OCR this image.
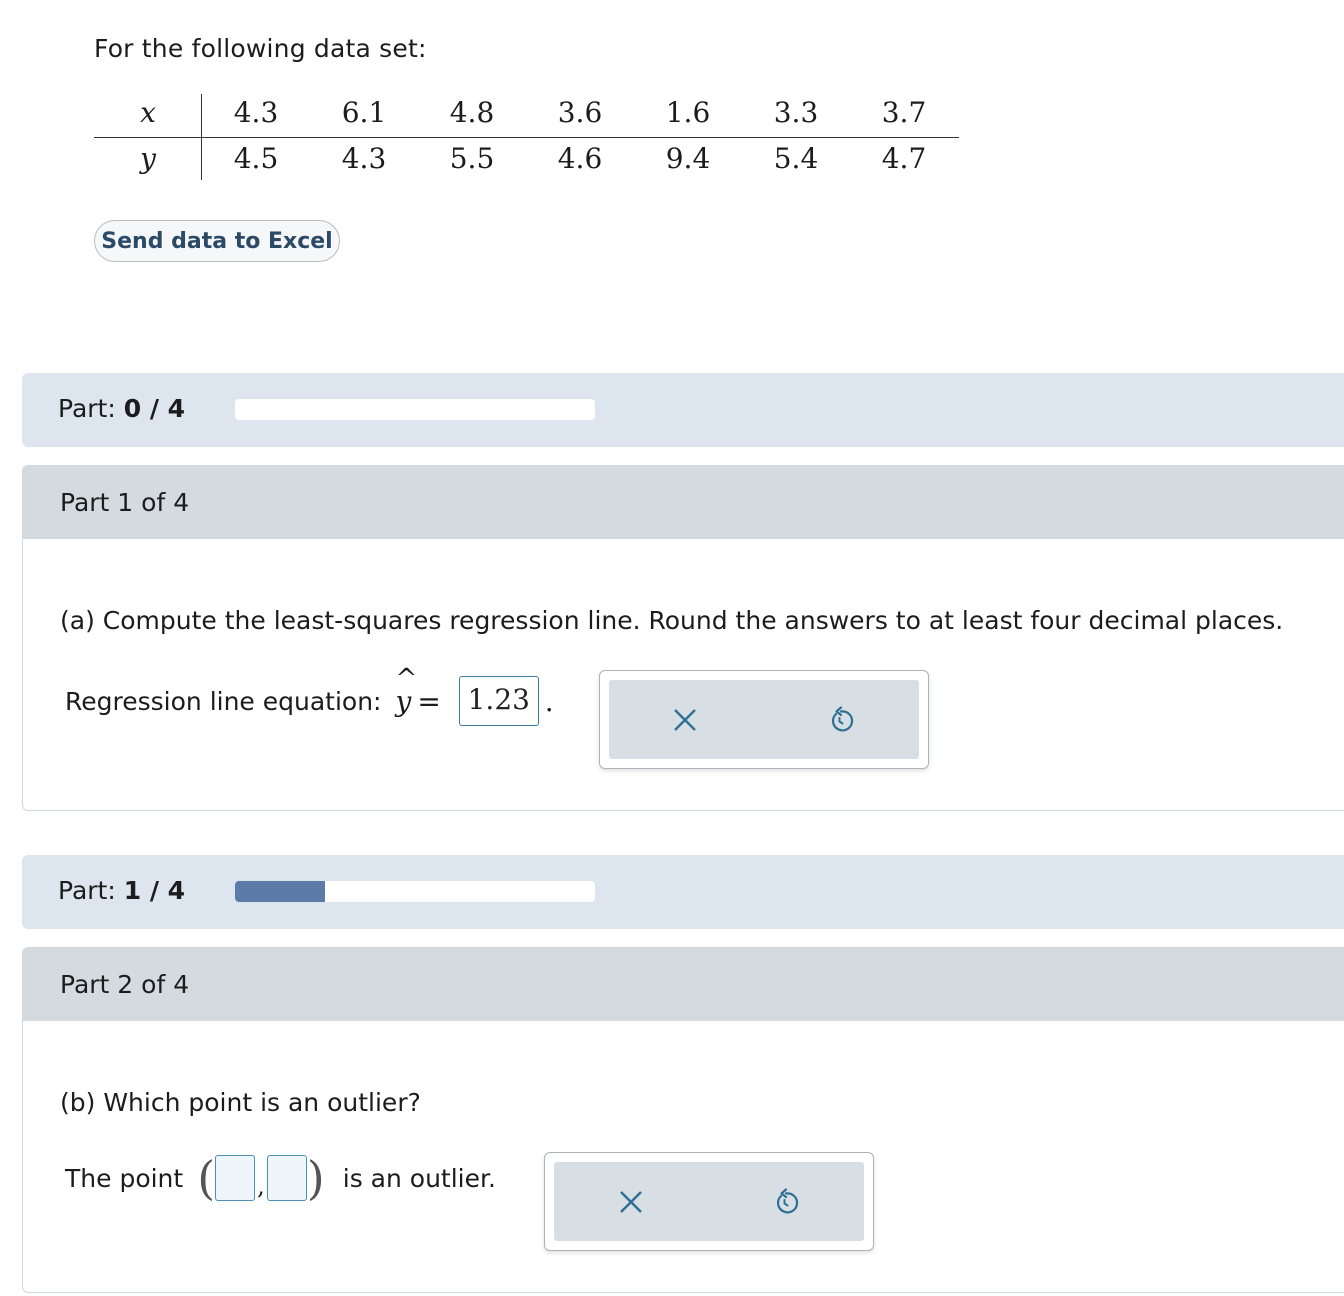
For the following data set:
x
y
4.3 6.1 4.8 3.6 1.6 3.3 3.7
4.5 4.3 5.5 4.6 9.4 5.4 4.7
Send data to Excel
Part: 0 / 4
Part 1 of 4
(a) Compute the least-squares regression line. Round the answers to at least four decimal places.
Regression line equation:
^
y = 1.23 .
Part: 1 / 4
Part 2 of 4
(b) Which point is an outlier?
The point ( , ) is an outlier.
